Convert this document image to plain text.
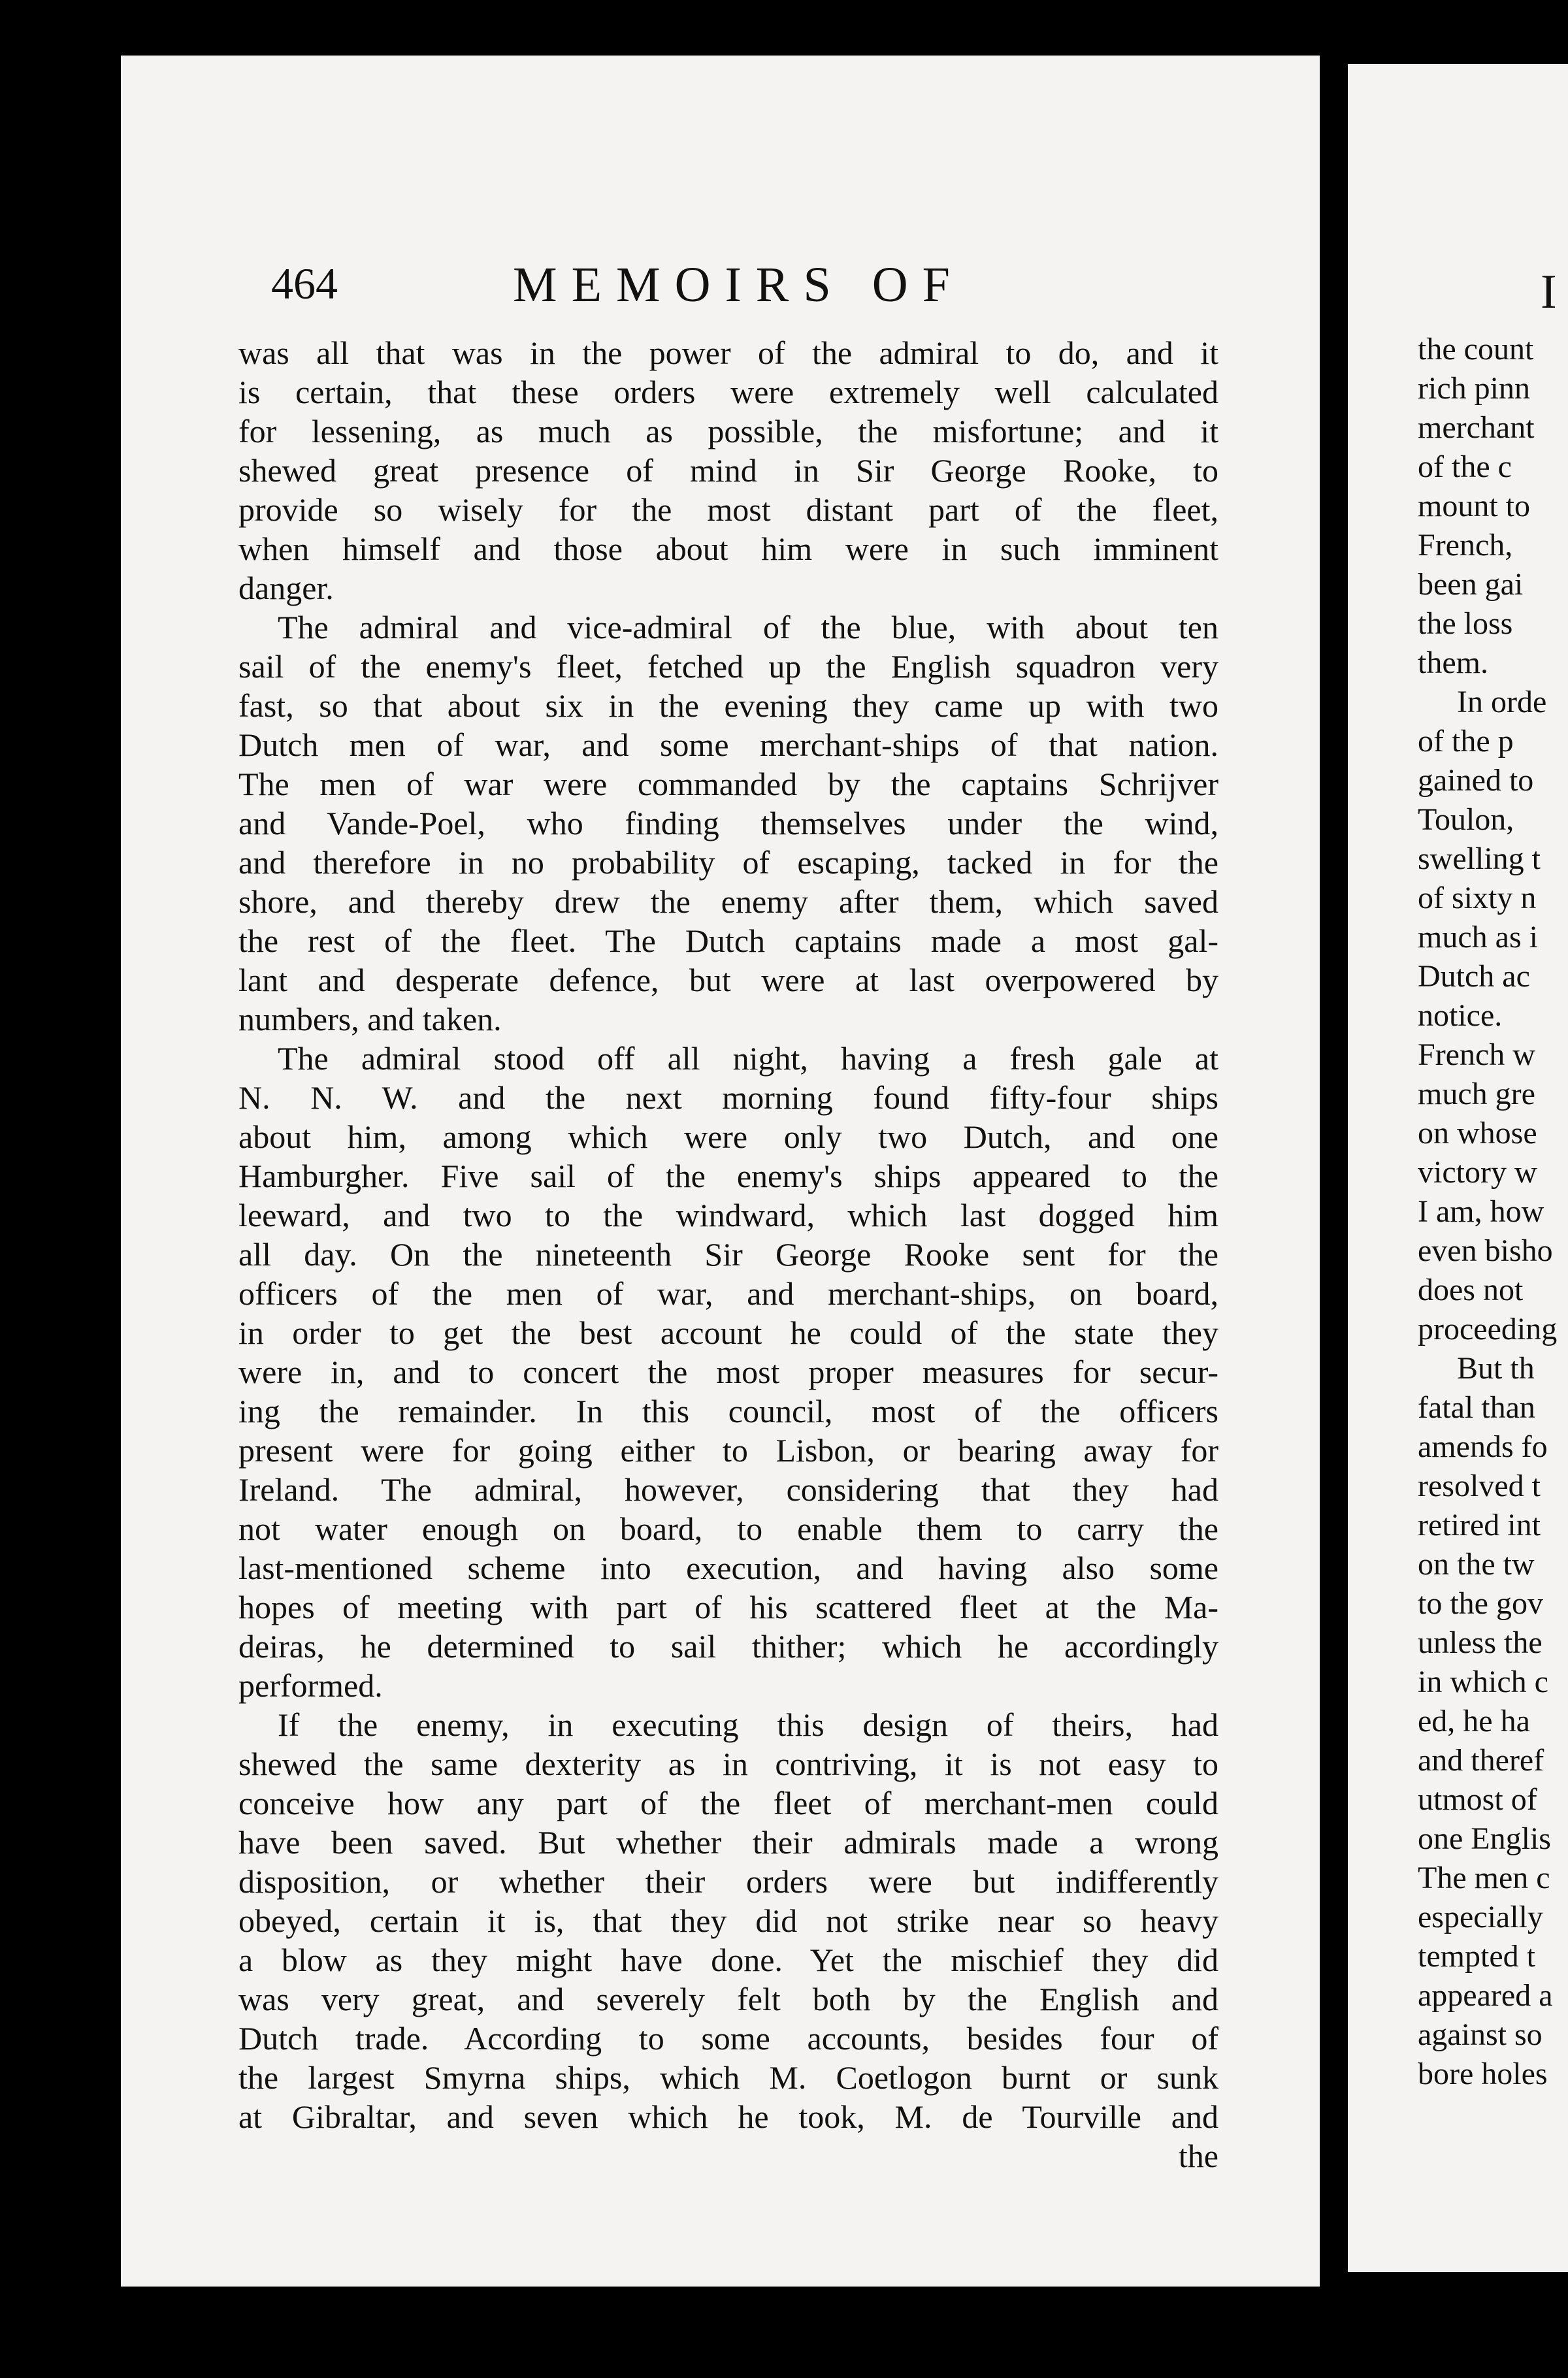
464	MEMOIRS OF
was all that was in the power of the admiral to do, and it
is certain, that these orders were extremely well calculated
for lessening, as much as possible, the misfortune; and it
shewed great presence of mind in Sir George Rooke, to
provide so wisely for the most distant part of the fleet,
when himself and those about him were in such imminent
danger.
The admiral and vice-admiral of the blue, with about ten
sail of the enemy's fleet, fetched up the English squadron very
fast, so that about six in the evening they came up with two
Dutch men of war, and some merchant-ships of that nation.
The men of war were commanded by the captains Schrijver
and Vande-Poel, who finding themselves under the wind,
and therefore in no probability of escaping, tacked in for the
shore, and thereby drew the enemy after them, which saved
the rest of the fleet. The Dutch captains made a most gal-
lant and desperate defence, but were at last overpowered by
numbers, and taken.
The admiral stood off all night, having a fresh gale at
N. N. W. and the next morning found fifty-four ships
about him, among which were only two Dutch, and one
Hamburgher. Five sail of the enemy's ships appeared to the
leeward, and two to the windward, which last dogged him
all day. On the nineteenth Sir George Rooke sent for the
officers of the men of war, and merchant-ships, on board,
in order to get the best account he could of the state they
were in, and to concert the most proper measures for secur-
ing the remainder. In this council, most of the officers
present were for going either to Lisbon, or bearing away for
Ireland. The admiral, however, considering that they had
not water enough on board, to enable them to carry the
last-mentioned scheme into execution, and having also some
hopes of meeting with part of his scattered fleet at the Ma-
deiras, he determined to sail thither; which he accordingly
performed.
If the enemy, in executing this design of theirs, had
shewed the same dexterity as in contriving, it is not easy to
conceive how any part of the fleet of merchant-men could
have been saved. But whether their admirals made a wrong
disposition, or whether their orders were but indifferently
obeyed, certain it is, that they did not strike near so heavy
a blow as they might have done. Yet the mischief they did
was very great, and severely felt both by the English and
Dutch trade. According to some accounts, besides four of
the largest Smyrna ships, which M. Coetlogon burnt or sunk
at Gibraltar, and seven which he took, M. de Tourville and
the
I
the count
rich pinn
merchant
of the c
mount to
French,
been gai
the loss
them.
In orde
of the p
gained to
Toulon,
swelling t
of sixty n
much as i
Dutch ac
notice.
French w
much gre
on whose
victory w
I am, how
even bisho
does not
proceeding
But th
fatal than
amends fo
resolved t
retired int
on the tw
to the gov
unless the
in which c
ed, he ha
and theref
utmost of
one Englis
The men c
especially
tempted t
appeared a
against so
bore holes
